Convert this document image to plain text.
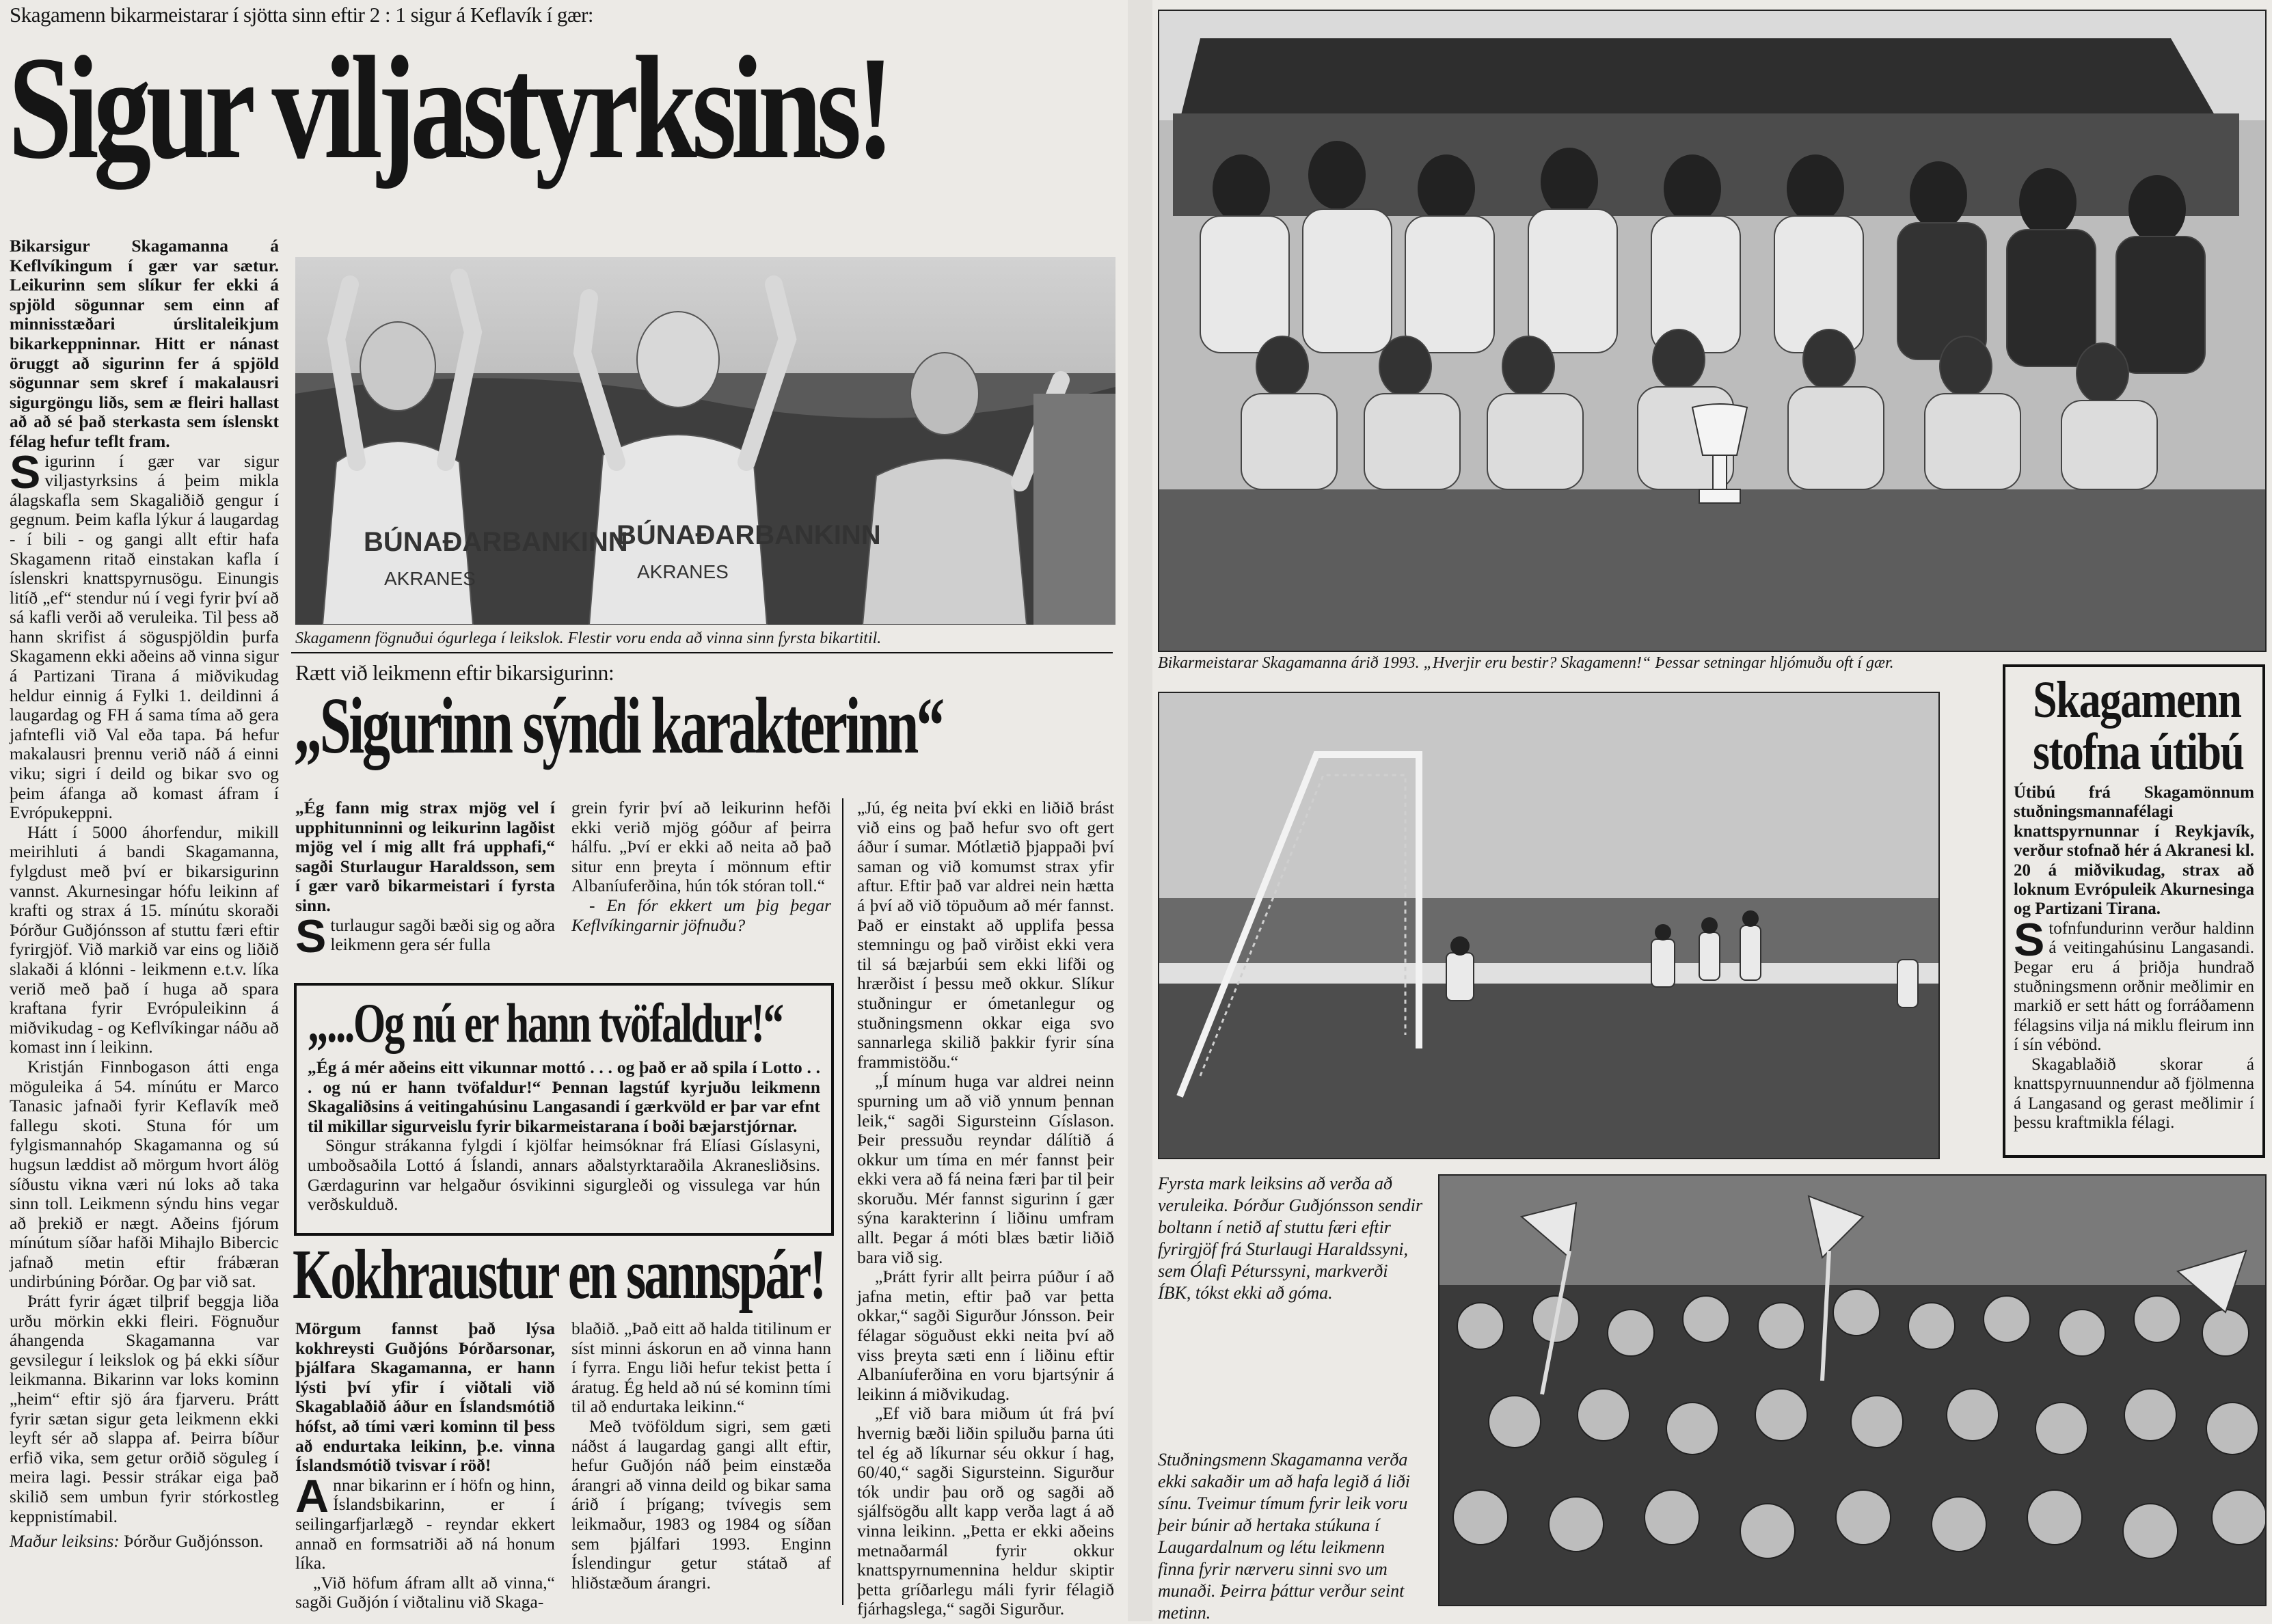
Skagamenn bikarmeistarar í sjötta sinn eftir 2 : 1 sigur á Keflavík í gær:
Sigur viljastyrksins!

Bikarsigur Skagamanna á Keflvíkingum í gær var sætur. Leikurinn sem slíkur fer ekki á spjöld sögunnar sem einn af minnisstæðari úrslitaleikjum bikarkeppninnar. Hitt er nánast öruggt að sigurinn fer á spjöld sögunnar sem skref í makalausri sigurgöngu liðs, sem æ fleiri hallast að að sé það sterkasta sem íslenskt félag hefur teflt fram.

Sigurinn í gær var sigur viljastyrksins á þeim mikla álagskafla sem Skagaliðið gengur í gegnum. Þeim kafla lýkur á laugardag - í bili - og gangi allt eftir hafa Skagamenn ritað einstakan kafla í íslenskri knattspyrnusögu. Einungis litíð „ef“ stendur nú í vegi fyrir því að sá kafli verði að veruleika. Til þess að hann skrifist á söguspjöldin þurfa Skagamenn ekki aðeins að vinna sigur á Partizani Tirana á miðvikudag heldur einnig á Fylki 1. deildinni á laugardag og FH á sama tíma að gera jafntefli við Val eða tapa. Þá hefur makalausri þrennu verið náð á einni viku; sigri í deild og bikar svo og þeim áfanga að komast áfram í Evrópukeppni.

Hátt í 5000 áhorfendur, mikill meirihluti á bandi Skagamanna, fylgdust með því er bikarsigurinn vannst. Akurnesingar hófu leikinn af krafti og strax á 15. mínútu skoraði Þórður Guðjónsson af stuttu færi eftir fyrirgjöf. Við markið var eins og liðið slakaði á klónni - leikmenn e.t.v. líka verið með það í huga að spara kraftana fyrir Evrópuleikinn á miðvikudag - og Keflvíkingar náðu að komast inn í leikinn.

Kristján Finnbogason átti enga möguleika á 54. mínútu er Marco Tanasic jafnaði fyrir Keflavík með fallegu skoti. Stuna fór um fylgismannahóp Skagamanna og sú hugsun læddist að mörgum hvort álög síðustu vikna væri nú loks að taka sinn toll. Leikmenn sýndu hins vegar að þrekið er nægt. Aðeins fjórum mínútum síðar hafði Mihajlo Bibercic jafnað metin eftir frábæran undirbúning Þórðar. Og þar við sat.

Þrátt fyrir ágæt tilþrif beggja liða urðu mörkin ekki fleiri. Fögnuður áhangenda Skagamanna var gevsilegur í leikslok og þá ekki síður leikmanna. Bikarinn var loks kominn „heim“ eftir sjö ára fjarveru. Þrátt fyrir sætan sigur geta leikmenn ekki leyft sér að slappa af. Þeirra bíður erfið vika, sem getur orðið söguleg í meira lagi. Þessir strákar eiga það skilið sem umbun fyrir stórkostleg keppnistímabil.

Maður leiksins: Þórður Guðjónsson.

BÚNAÐARBANKINN
BÚNAÐARBANKINN
AKRANES	AKRANES
Skagamenn fögnuðui ógurlega í leikslok. Flestir voru enda að vinna sinn fyrsta bikartitil.
Rætt við leikmenn eftir bikarsigurinn:
„Sigurinn sýndi karakterinn“

„Ég fann mig strax mjög vel í upphitunninni og leikurinn lagðist mjög vel í mig allt frá upphafi,“ sagði Sturlaugur Haraldsson, sem í gær varð bikarmeistari í fyrsta sinn.

Sturlaugur sagði bæði sig og aðra leikmenn gera sér fulla

grein fyrir því að leikurinn hefði ekki verið mjög góður af þeirra hálfu. „Því er ekki að neita að það situr enn þreyta í mönnum eftir Albaníuferðina, hún tók stóran toll.“

- En fór ekkert um þig þegar Keflvíkingarnir jöfnuðu?

„Jú, ég neita því ekki en liðið brást við eins og það hefur svo oft gert áður í sumar. Mótlætið þjappaði því saman og við komumst strax yfir aftur. Eftir það var aldrei nein hætta á því að við töpuðum að mér fannst. Það er einstakt að upplifa þessa stemningu og það virðist ekki vera til sá bæjarbúi sem ekki lifði og hrærðist í þessu með okkur. Slíkur stuðningur er ómetanlegur og stuðningsmenn okkar eiga svo sannarlega skilið þakkir fyrir sína frammistöðu.“

„Í mínum huga var aldrei neinn spurning um að við ynnum þennan leik,“ sagði Sigursteinn Gíslason. Þeir pressuðu reyndar dálítið á okkur um tíma en mér fannst þeir ekki vera að fá neina færi þar til þeir skoruðu. Mér fannst sigurinn í gær sýna karakterinn í liðinu umfram allt. Þegar á móti blæs bætir liðið bara við sig.

„Þrátt fyrir allt þeirra púður í að jafna metin, eftir það var þetta okkar,“ sagði Sigurður Jónsson. Þeir félagar söguðust ekki neita því að viss þreyta sæti enn í liðinu eftir Albaníuferðina en voru bjartsýnir á leikinn á miðvikudag.

„Ef við bara miðum út frá því hvernig bæði liðin spiluðu þarna úti tel ég að líkurnar séu okkur í hag, 60/40,“ sagði Sigursteinn. Sigurður tók undir þau orð og sagði að sjálfsögðu allt kapp verða lagt á að vinna leikinn. „Þetta er ekki aðeins metnaðarmál fyrir okkur knattspyrnumennina heldur skiptir þetta gríðarlegu máli fyrir félagið fjárhagslega,“ sagði Sigurður.

„...Og nú er hann tvöfaldur!“

„Ég á mér aðeins eitt vikunnar mottó . . . og það er að spila í Lotto . . . og nú er hann tvöfaldur!“ Þennan lagstúf kyrjuðu leikmenn Skagaliðsins á veitingahúsinu Langasandi í gærkvöld er þar var efnt til mikillar sigurveislu fyrir bikarmeistarana í boði bæjarstjórnar.

Söngur strákanna fylgdi í kjölfar heimsóknar frá Elíasi Gíslasyni, umboðsaðila Lottó á Íslandi, annars aðalstyrktaraðila Akranesliðsins. Gærdagurinn var helgaður ósvikinni sigurgleði og vissulega var hún verðskulduð.

Kokhraustur en sannspár!

Mörgum fannst það lýsa kokhreysti Guðjóns Þórðarsonar, þjálfara Skagamanna, er hann lýsti því yfir í viðtali við Skagablaðið áður en Íslandsmótið hófst, að tími væri kominn til þess að endurtaka leikinn, þ.e. vinna Íslandsmótið tvisvar í röð!

Annar bikarinn er í höfn og hinn, Íslandsbikarinn, er í seilingarfjarlægð - reyndar ekkert annað en formsatriði að ná honum líka.

„Við höfum áfram allt að vinna,“ sagði Guðjón í viðtalinu við Skaga-

blaðið. „Það eitt að halda titilinum er síst minni áskorun en að vinna hann í fyrra. Engu liði hefur tekist þetta í áratug. Ég held að nú sé kominn tími til að endurtaka leikinn.“

Með tvöföldum sigri, sem gæti náðst á laugardag gangi allt eftir, hefur Guðjón náð þeim einstæða árangri að vinna deild og bikar sama árið í þrígang; tvívegis sem leikmaður, 1983 og 1984 og síðan sem þjálfari 1993. Enginn Íslendingur getur státað af hliðstæðum árangri.

Bikarmeistarar Skagamanna árið 1993. „Hverjir eru bestir? Skagamenn!“ Þessar setningar hljómuðu oft í gær.
Skagamenn
stofna útibú

Útibú frá Skagamönnum stuðningsmannafélagi knattspyrnunnar í Reykjavík, verður stofnað hér á Akranesi kl. 20 á miðvikudag, strax að loknum Evrópuleik Akurnesinga og Partizani Tirana.

Stofnfundurinn verður haldinn á veitingahúsinu Langasandi. Þegar eru á þriðja hundrað stuðningsmenn orðnir meðlimir en markið er sett hátt og forráðamenn félagsins vilja ná miklu fleirum inn í sín vébönd.

Skagablaðið skorar á knattspyrnuunnendur að fjölmenna á Langasand og gerast meðlimir í þessu kraftmikla félagi.

Fyrsta mark leiksins að verða að veruleika. Þórður Guðjónsson sendir boltann í netið af stuttu færi eftir fyrirgjöf frá Sturlaugi Haraldssyni, sem Ólafi Péturssyni, markverði ÍBK, tókst ekki að góma.
Stuðningsmenn Skagamanna verða ekki sakaðir um að hafa legið á liði sínu. Tveimur tímum fyrir leik voru þeir búnir að hertaka stúkuna í Laugardalnum og létu leikmenn finna fyrir nærveru sinni svo um munaði. Þeirra þáttur verður seint metinn.
